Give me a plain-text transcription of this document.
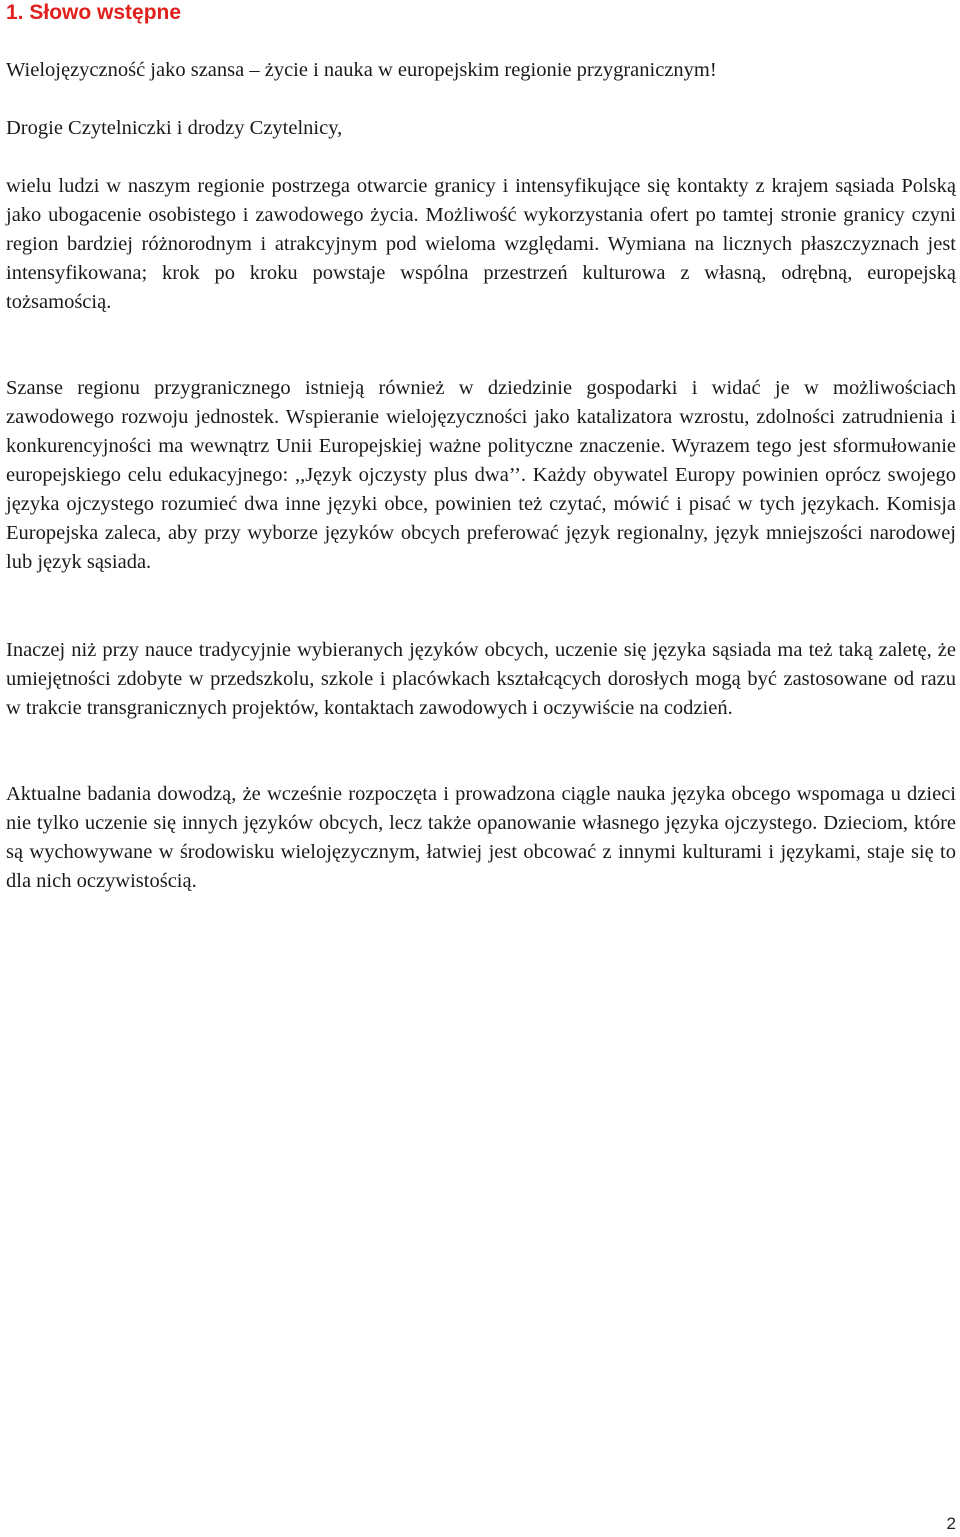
1. Słowo wstępne

Wielojęzyczność jako szansa – życie i nauka w europejskim regionie przygranicznym!

Drogie Czytelniczki i drodzy Czytelnicy,

wielu ludzi w naszym regionie postrzega otwarcie granicy i intensyfikujące się kontakty z krajem sąsiada Polską jako ubogacenie osobistego i zawodowego życia. Możliwość wykorzystania ofert po tamtej stronie granicy czyni region bardziej różnorodnym i atrakcyjnym pod wieloma względami. Wymiana na licznych płaszczyznach jest intensyfikowana; krok po kroku powstaje wspólna przestrzeń kulturowa z własną, odrębną, europejską tożsamością.

Szanse regionu przygranicznego istnieją również w dziedzinie gospodarki i widać je w możliwościach zawodowego rozwoju jednostek. Wspieranie wielojęzyczności jako katalizatora wzrostu, zdolności zatrudnienia i konkurencyjności ma wewnątrz Unii Europejskiej ważne polityczne znaczenie. Wyrazem tego jest sformułowanie europejskiego celu edukacyjnego: ,,Język ojczysty plus dwa’’. Każdy obywatel Europy powinien oprócz swojego języka ojczystego rozumieć dwa inne języki obce, powinien też czytać, mówić i pisać w tych językach. Komisja Europejska zaleca, aby przy wyborze języków obcych preferować język regionalny, język mniejszości narodowej lub język sąsiada.

Inaczej niż przy nauce tradycyjnie wybieranych języków obcych, uczenie się języka sąsiada ma też taką zaletę, że umiejętności zdobyte w przedszkolu, szkole i placówkach kształcących dorosłych mogą być zastosowane od razu w trakcie transgranicznych projektów, kontaktach zawodowych i oczywiście na codzień.

Aktualne badania dowodzą, że wcześnie rozpoczęta i prowadzona ciągle nauka języka obcego wspomaga u dzieci nie tylko uczenie się innych języków obcych, lecz także opanowanie własnego języka ojczystego. Dzieciom, które są wychowywane w środowisku wielojęzycznym, łatwiej jest obcować z innymi kulturami i językami, staje się to dla nich oczywistością.

2
